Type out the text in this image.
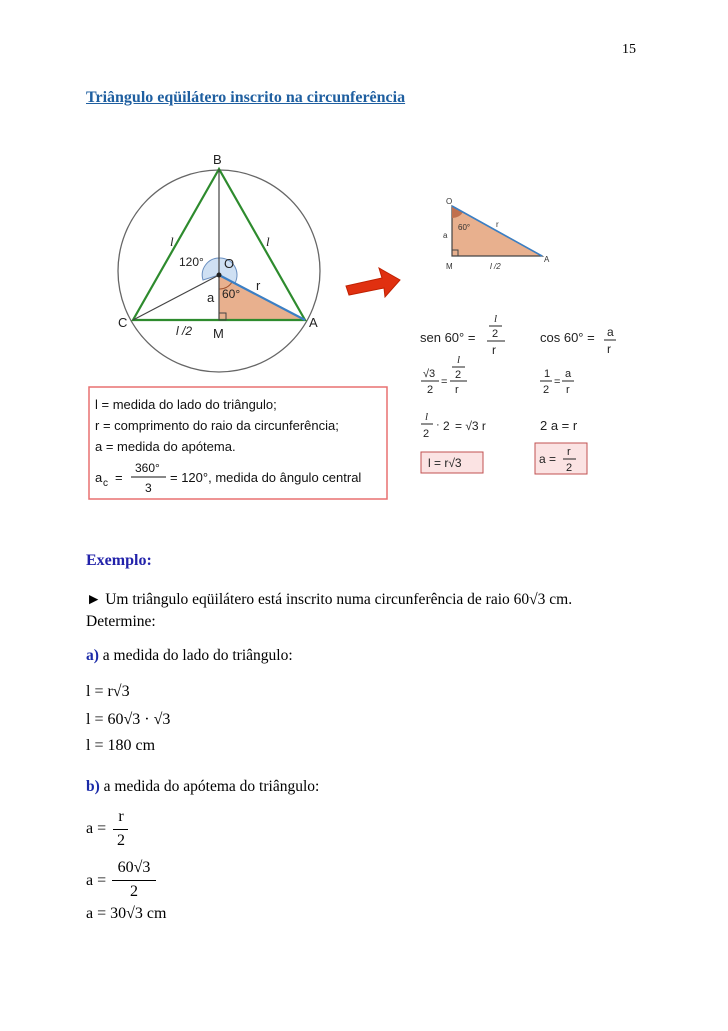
15
Triângulo eqüilátero inscrito na circunferência
B
O
C
M
A
l	l
120°
60°
r
a
l /2
O
60°	r
a
M	l /2
A
sen 60° =
l
2
r
cos 60° = a
r
√3
2
=
l
2
r
1
2
=
a
r
l
2
· 2 = √3 r	2 a = r
l = r√3	a = r
2
l = medida do lado do triângulo;
r = comprimento do raio da circunferência;
a = medida do apótema.
a c =
360°
3
= 120°, medida do ângulo central
Exemplo:
► Um triângulo eqüilátero está inscrito numa circunferência de raio 60√3 cm.
Determine:
a) a medida do lado do triângulo:
l = r√3
l = 60√3 · √3
l = 180 cm
b) a medida do apótema do triângulo:
a =
r
2
a =
60√3
2
a = 30√3 cm
